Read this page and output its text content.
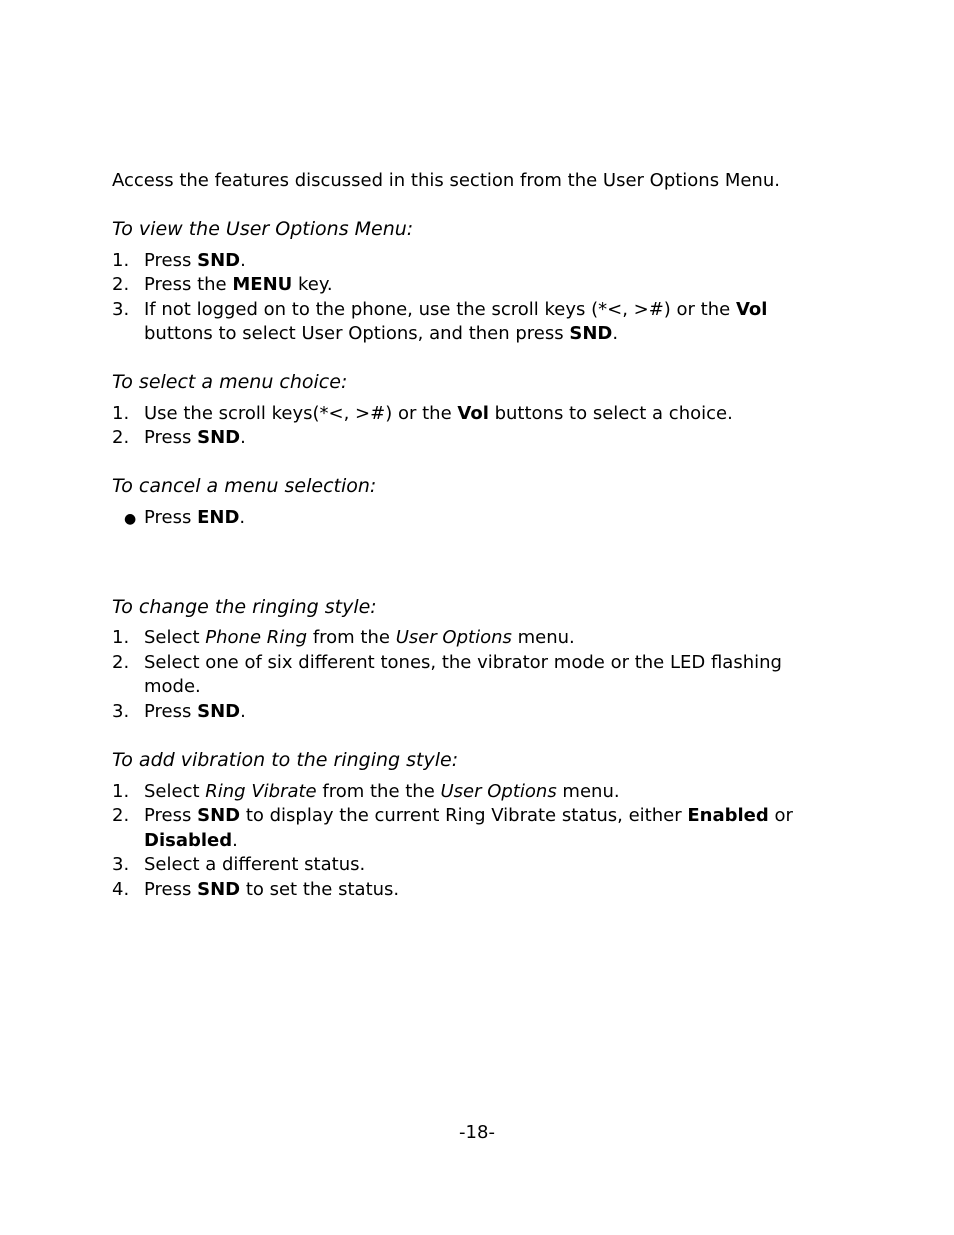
Access the features discussed in this section from the User Options Menu.
To view the User Options Menu:
1. Press SND.
2. Press the MENU key.
3. If not logged on to the phone, use the scroll keys (*<, >#) or the Vol
buttons to select User Options, and then press SND.
To select a menu choice:
1. Use the scroll keys(*<, >#) or the Vol buttons to select a choice.
2. Press SND.
To cancel a menu selection:
● Press END.
To change the ringing style:
1. Select Phone Ring from the User Options menu.
2. Select one of six different tones, the vibrator mode or the LED flashing
mode.
3. Press SND.
To add vibration to the ringing style:
1. Select Ring Vibrate from the the User Options menu.
2. Press SND to display the current Ring Vibrate status, either Enabled or
Disabled.
3. Select a different status.
4. Press SND to set the status.
-18-
